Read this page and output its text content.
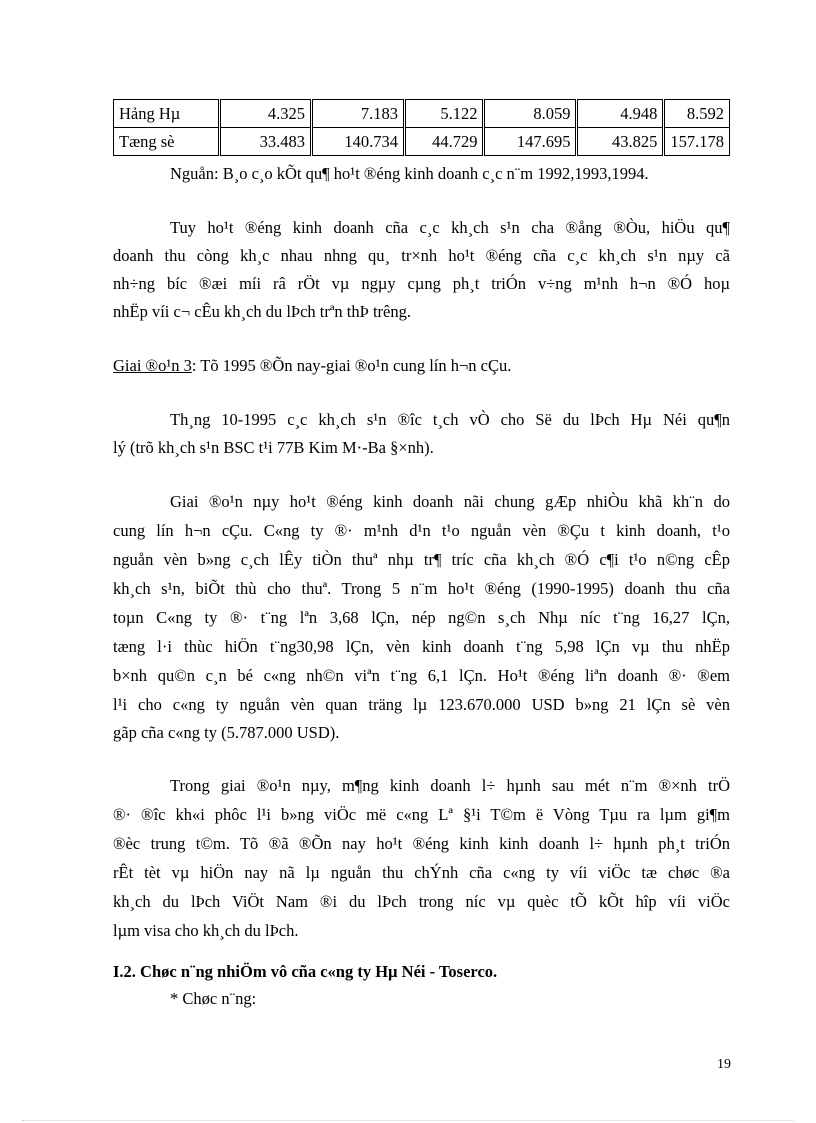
Hảng Hµ	4.325	7.183	5.122	8.059	4.948	8.592
Tæng sè	33.483	140.734	44.729	147.695	43.825	157.178
Nguån: B¸o c¸o kÕt qu¶ ho¹t ®éng kinh doanh c¸c n¨m 1992,1993,1994.
Tuy ho¹t ®éng kinh doanh cña c¸c kh¸ch s¹n cha ®ång ®Òu, hiÖu qu¶
doanh thu còng kh¸c nhau nhng qu¸ tr×nh ho¹t ®éng cña c¸c kh¸ch s¹n nµy cã
nh÷ng bíc ®æi míi râ rÖt vµ ngµy cµng ph¸t triÓn v÷ng m¹nh h¬n ®Ó hoµ
nhËp víi c¬ cÊu kh¸ch du lÞch trªn thÞ trêng.
Giai ®o¹n 3: Tõ 1995 ®Õn nay-giai ®o¹n cung lín h¬n cÇu.
Th¸ng 10-1995 c¸c kh¸ch s¹n ®îc t¸ch vÒ cho Së du lÞch Hµ Néi qu¶n
lý (trõ kh¸ch s¹n BSC t¹i 77B Kim M·-Ba §×nh).
Giai ®o¹n nµy ho¹t ®éng kinh doanh nãi chung gÆp nhiÒu khã kh¨n do
cung lín h¬n cÇu. C«ng ty ®· m¹nh d¹n t¹o nguån vèn ®Çu t kinh doanh, t¹o
nguån vèn b»ng c¸ch lÊy tiÒn thuª nhµ tr¶ tríc cña kh¸ch ®Ó c¶i t¹o n©ng cÊp
kh¸ch s¹n, biÕt thù cho thuª. Trong 5 n¨m ho¹t ®éng (1990-1995) doanh thu cña
toµn C«ng ty ®· t¨ng lªn 3,68 lÇn, nép ng©n s¸ch Nhµ níc t¨ng 16,27 lÇn,
tæng l·i thùc hiÖn t¨ng30,98 lÇn, vèn kinh doanh t¨ng 5,98 lÇn vµ thu nhËp
b×nh qu©n c¸n bé c«ng nh©n viªn t¨ng 6,1 lÇn. Ho¹t ®éng liªn doanh ®· ®em
l¹i cho c«ng ty nguån vèn quan träng lµ 123.670.000 USD b»ng 21 lÇn sè vèn
gãp cña c«ng ty (5.787.000 USD).
Trong giai ®o¹n nµy, m¶ng kinh doanh l÷ hµnh sau mét n¨m ®×nh trÖ
®· ®îc kh«i phôc l¹i b»ng viÖc më c«ng Lª §¹i T©m ë Vòng Tµu ra lµm gi¶m
®èc trung t©m. Tõ ®ã ®Õn nay ho¹t ®éng kinh kinh doanh l÷ hµnh ph¸t triÓn
rÊt tèt vµ hiÖn nay nã lµ nguån thu chÝnh cña c«ng ty víi viÖc tæ chøc ®a
kh¸ch du lÞch ViÖt Nam ®i du lÞch trong níc vµ quèc tÕ kÕt hîp víi viÖc
lµm visa cho kh¸ch du lÞch.
I.2. Chøc n¨ng nhiÖm vô cña c«ng ty Hµ Néi - Toserco.
* Chøc n¨ng:
19
